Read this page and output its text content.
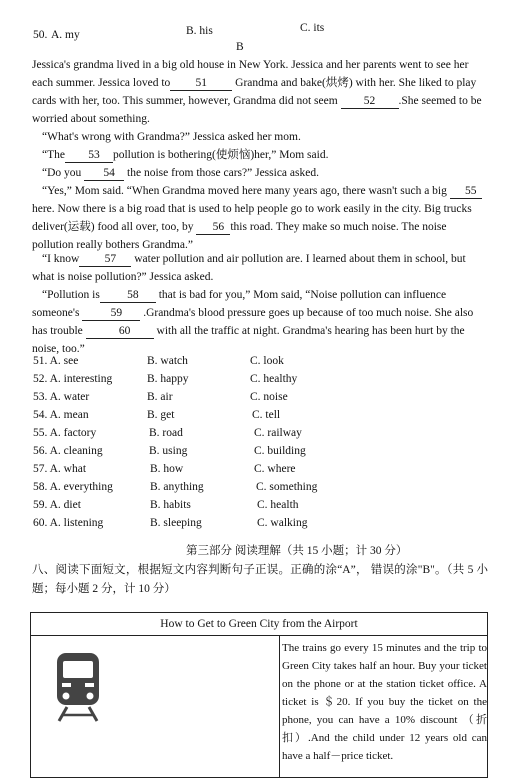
50. A. my	B. his	C. its
B
Jessica's grandma lived in a big old house in New York. Jessica and her parents went to see her each summer. Jessica loved to 51 Grandma and bake(烘烤) with her. She liked to play cards with her, too. This summer, however, Grandma did not seem 52 .She seemed to be worried about something.
“What's wrong with Grandma?” Jessica asked her mom.
“The 53 pollution is bothering(使烦恼)her,” Mom said.
“Do you 54 the noise from those cars?” Jessica asked.
“Yes,” Mom said. “When Grandma moved here many years ago, there wasn't such a big 55 here. Now there is a big road that is used to help people go to work easily in the city. Big trucks deliver(运载) food all over, too, by 56 this road. They make so much noise. The noise pollution really bothers Grandma.”
“I know 57 water pollution and air pollution are. I learned about them in school, but what is noise pollution?” Jessica asked.
“Pollution is 58 that is bad for you,” Mom said, “Noise pollution can influence someone's	59 .Grandma's blood pressure goes up because of too much noise. She also has trouble	60 with all the traffic at night. Grandma's hearing has been hurt by the noise, too.”
51. A. see	B. watch	C. look
52. A. interesting	B. happy	C. healthy
53. A. water	B. air	C. noise
54. A. mean	B. get	C. tell
55. A. factory	B. road	C. railway
56. A. cleaning	B. using	C. building
57. A. what	B. how	C. where
58. A. everything	B. anything	C. something
59. A. diet	B. habits	C. health
60. A. listening	B. sleeping	C. walking
第三部分 阅读理解（共 15 小题；计 30 分）
八、阅读下面短文，根据短文内容判断句子正误。正确的涂“A”， 错误的涂"B"。（共 5 小题；每小题 2 分，计 10 分）
How to Get to Green City from the Airport
The trains go every 15 minutes and the trip to Green City takes half an hour. Buy your ticket on the phone or at the station ticket office. A ticket is ＄20. If you buy the ticket on the phone, you can have a 10% discount （折扣）.And the child under 12 years old can have a half－price ticket.
